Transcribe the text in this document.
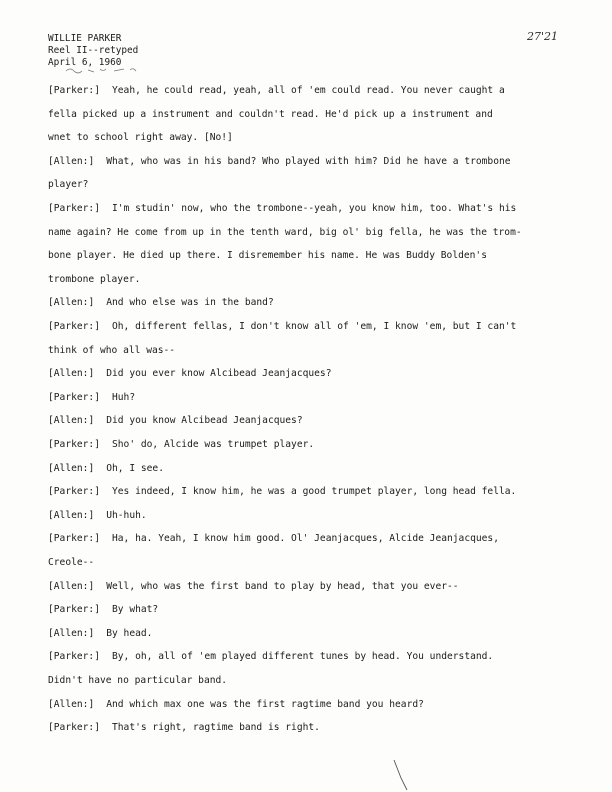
WILLIE PARKER
Reel II--retyped
April 6, 1960
27'21
[ Parker: ] Yeah, he could read, yeah, all of 'em could read. You never caught a
fella picked up a instrument and couldn't read. He'd pick up a instrument and
wnet to school right away. [No!]
[ Allen: ] What, who was in his band? Who played with him? Did he have a trombone
player?
[ Parker: ] I'm studin' now, who the trombone--yeah, you know him, too. What's his
name again? He come from up in the tenth ward, big ol' big fella, he was the trom-
bone player. He died up there. I disremember his name. He was Buddy Bolden's
trombone player.
[ Allen: ] And who else was in the band?
[ Parker: ] Oh, different fellas, I don't know all of 'em, I know 'em, but I can't
think of who all was--
[ Allen: ] Did you ever know Alcibead Jeanjacques?
[ Parker: ] Huh?
[ Allen: ] Did you know Alcibead Jeanjacques?
[ Parker: ] Sho' do, Alcide was trumpet player.
[ Allen: ] Oh, I see.
[ Parker: ] Yes indeed, I know him, he was a good trumpet player, long head fella.
[ Allen: ] Uh-huh.
[ Parker: ] Ha, ha. Yeah, I know him good. Ol' Jeanjacques, Alcide Jeanjacques,
Creole--
[ Allen: ] Well, who was the first band to play by head, that you ever--
[ Parker: ] By what?
[ Allen: ] By head.
[ Parker: ] By, oh, all of 'em played different tunes by head. You understand.
Didn't have no particular band.
[ Allen: ] And which max one was the first ragtime band you heard?
[ Parker: ] That's right, ragtime band is right.
